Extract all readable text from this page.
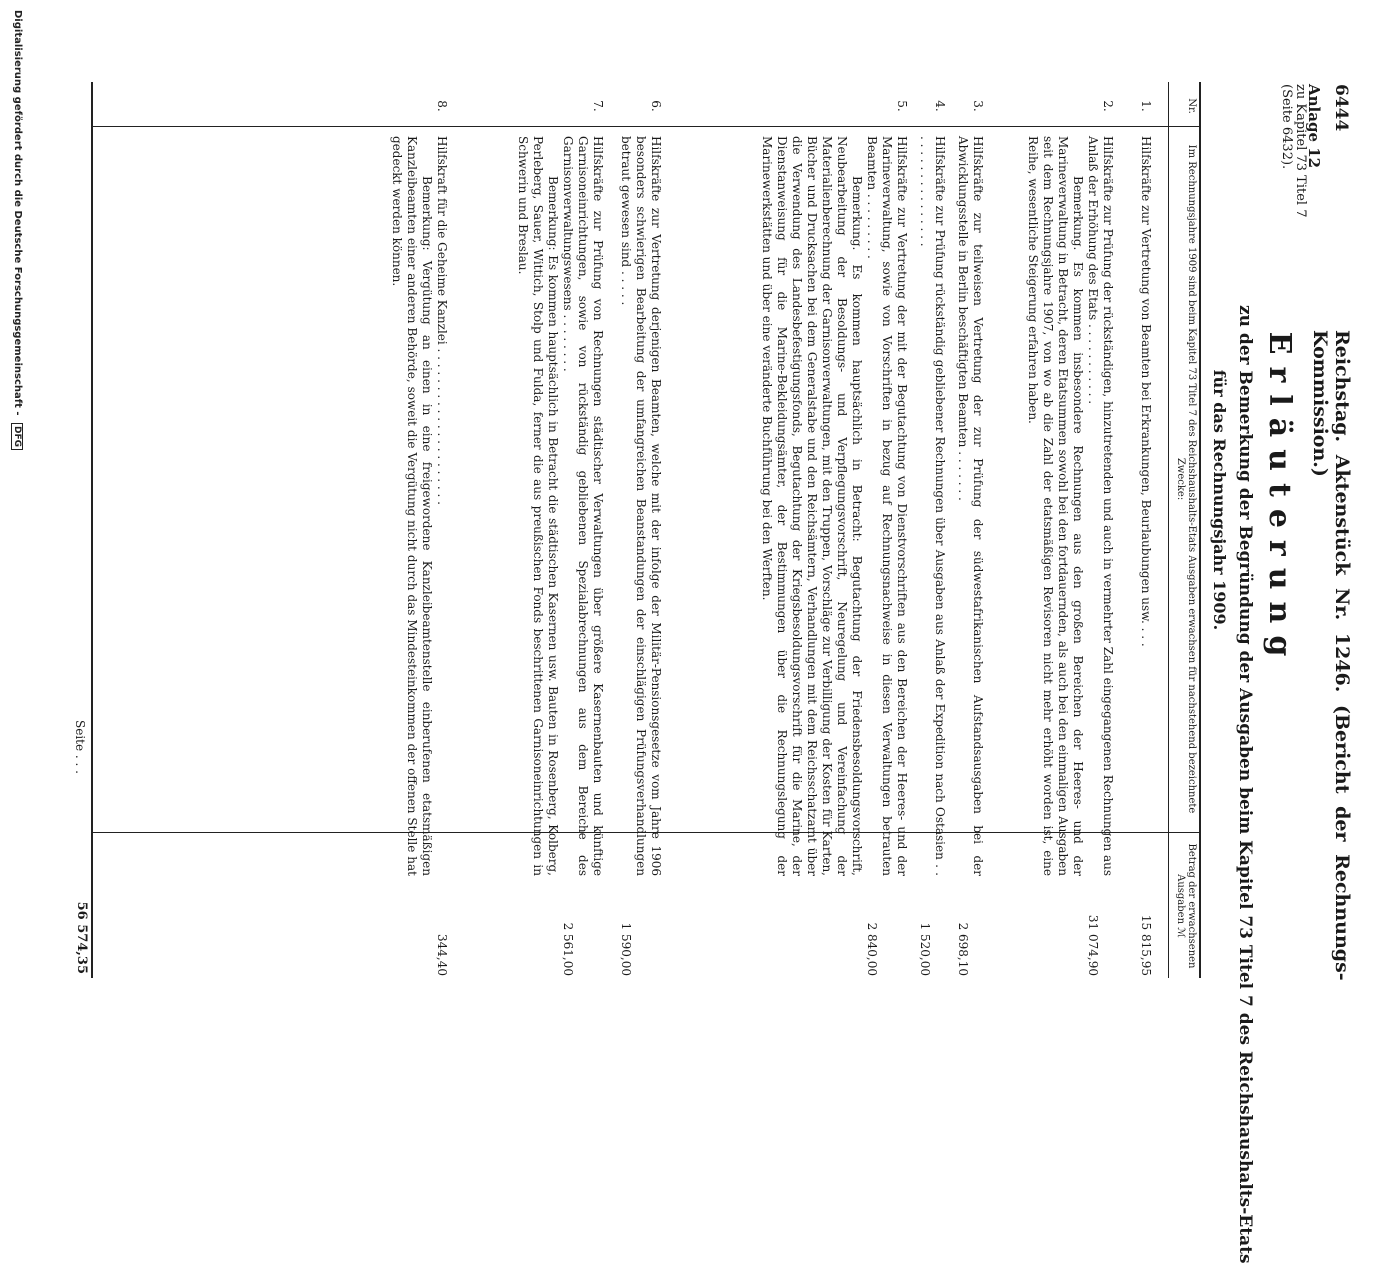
6444
Reichstag. Aktenstück Nr. 1246. (Bericht der Rechnungs-Kommission.)
Anlage 12
zu Kapitel 73 Titel 7
(Seite 6432).
Erläuterung
zu der Bemerkung der Begründung der Ausgaben beim Kapitel 73 Titel 7 des Reichshaushalts-Etats
für das Rechnungsjahr 1909.
Nr.
Im Rechnungsjahre 1909 sind beim Kapitel 73 Titel 7 des Reichshaushalts-Etats Ausgaben erwachsen für nachstehend bezeichnete Zwecke:
Betrag der erwachsenen Ausgaben ℳ
1.
Hilfskräfte zur Vertretung von Beamten bei Erkrankungen, Beurlaubungen usw. . . .
15 815,95
2.
Hilfskräfte zur Prüfung der rückständigen, hinzutretenden und auch in vermehrter Zahl eingegangenen Rechnungen aus Anlaß der Erhöhung des Etats . . . . . . . . . . .
Bemerkung. Es kommen insbesondere Rechnungen aus den großen Bereichen der Heeres- und der Marineverwaltung in Betracht, deren Etatsummen sowohl bei den fortdauernden, als auch bei den einmaligen Ausgaben seit dem Rechnungsjahre 1907, von wo ab die Zahl der etatsmäßigen Revisoren nicht mehr erhöht worden ist, eine Reihe, wesentliche Steigerung erfahren haben.
31 074,90
3.
Hilfskräfte zur teilweisen Vertretung der zur Prüfung der südwestafrikanischen Aufstandsausgaben bei der Abwicklungsstelle in Berlin beschäftigten Beamten . . . . . . .
2 698,10
4.
Hilfskräfte zur Prüfung rückständig gebliebener Rechnungen über Ausgaben aus Anlaß der Expedition nach Ostasien . . . . . . . . . . . . . . . . .
1 520,00
5.
Hilfskräfte zur Vertretung der mit der Begutachtung von Dienstvorschriften aus den Bereichen der Heeres- und der Marineverwaltung, sowie von Vorschriften in bezug auf Rechnungsnachweise in diesen Verwaltungen betrauten Beamten . . . . . . . . .
Bemerkung. Es kommen hauptsächlich in Betracht: Begutachtung der Friedensbesoldungsvorschrift, Neubearbeitung der Besoldungs- und Verpflegungsvorschrift, Neuregelung und Vereinfachung der Materialienberechnung der Garnisonverwaltungen, mit den Truppen, Vorschläge zur Verbilligung der Kosten für Karten, Bücher und Drucksachen bei dem Generalstabe und den Reichsämtern, Verhandlungen mit dem Reichsschatzamt über die Verwendung des Landesbefestigungsfonds, Begutachtung der Kriegsbesoldungsvorschrift für die Marine, der Dienstanweisung für die Marine-Bekleidungsämter, der Bestimmungen über die Rechnungslegung der Marinewerkstätten und über eine veränderte Buchführung bei den Werften.
2 840,00
6.
Hilfskräfte zur Vertretung derjenigen Beamten, welche mit der infolge der Militär-Pensionsgesetze vom Jahre 1906 besonders schwierigen Bearbeitung der umfangreichen Beanstandungen der einschlägigen Prüfungsverhandlungen betraut gewesen sind . . . . .
1 590,00
7.
Hilfskräfte zur Prüfung von Rechnungen städtischer Verwaltungen über größere Kasernenbauten und künftige Garnisoneinrichtungen, sowie von rückständig gebliebenen Spezialabrechnungen aus dem Bereiche des Garnisonverwaltungswesens . . . . . . . .
Bemerkung: Es kommen hauptsächlich in Betracht die städtischen Kasernen usw. Bauten in Rosenberg, Kolberg, Perleberg, Sauer, Wittich, Stolp und Fulda, ferner die aus preußischen Fonds beschrittenen Garnisoneinrichtungen in Schwerin und Breslau.
2 561,00
8.
Hilfskraft für die Geheime Kanzlei . . . . . . . . . . . . . . . . . . . . .
Bemerkung: Vergütung an einen in eine freigewordene Kanzleibeamtenstelle einberufenen etatsmäßigen Kanzleibeamten einer anderen Behörde, soweit die Vergütung nicht durch das Mindesteinkommen der offenen Stelle hat gedeckt werden können.
344,40
Seite . . .
56 574,35
Digitalisierung gefördert durch die Deutsche Forschungsgemeinschaft - DFG
